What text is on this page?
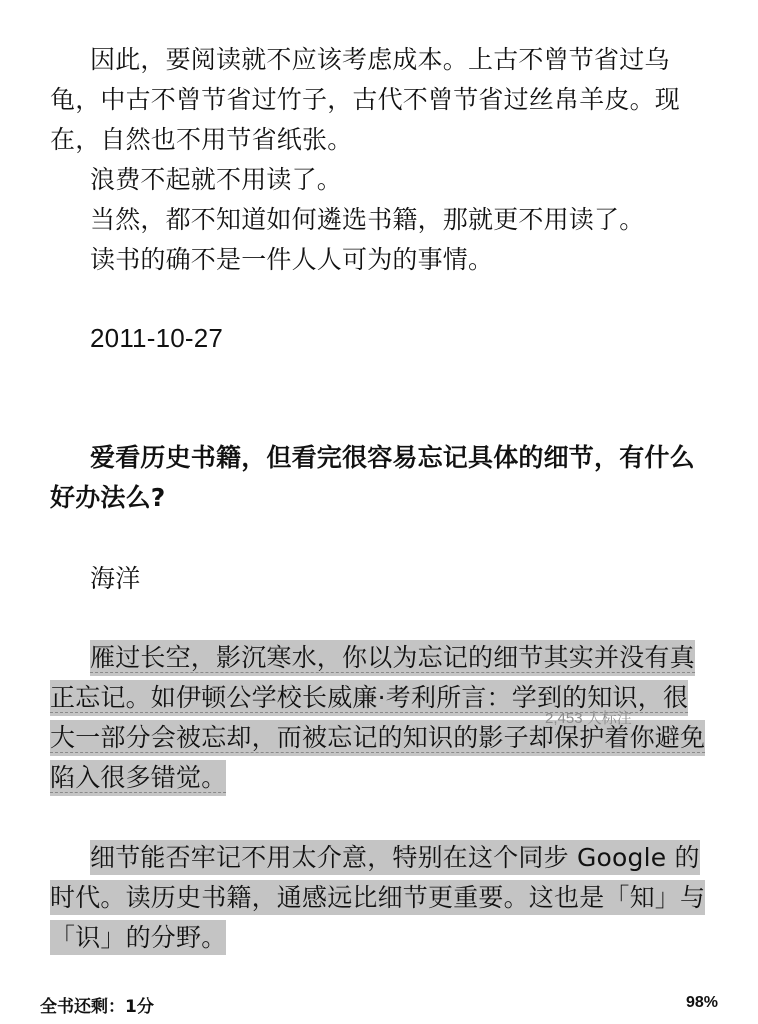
因此，要阅读就不应该考虑成本。上古不曾节省过乌龟，中古不曾节省过竹子，古代不曾节省过丝帛羊皮。现在，自然也不用节省纸张。

浪费不起就不用读了。

当然，都不知道如何遴选书籍，那就更不用读了。

读书的确不是一件人人可为的事情。

2011-10-27

爱看历史书籍，但看完很容易忘记具体的细节，有什么好办法么?

海洋

雁过长空，影沉寒水，你以为忘记的细节其实并没有真正忘记。如伊顿公学校长威廉·考利所言：学到的知识，很大一部分会被忘却，而被忘记的知识的影子却保护着你避免陷入很多错觉。

2,453 人标注

细节能否牢记不用太介意，特别在这个同步 Google 的时代。读历史书籍，通感远比细节更重要。这也是「知」与「识」的分野。

全书还剩：1分	98%
